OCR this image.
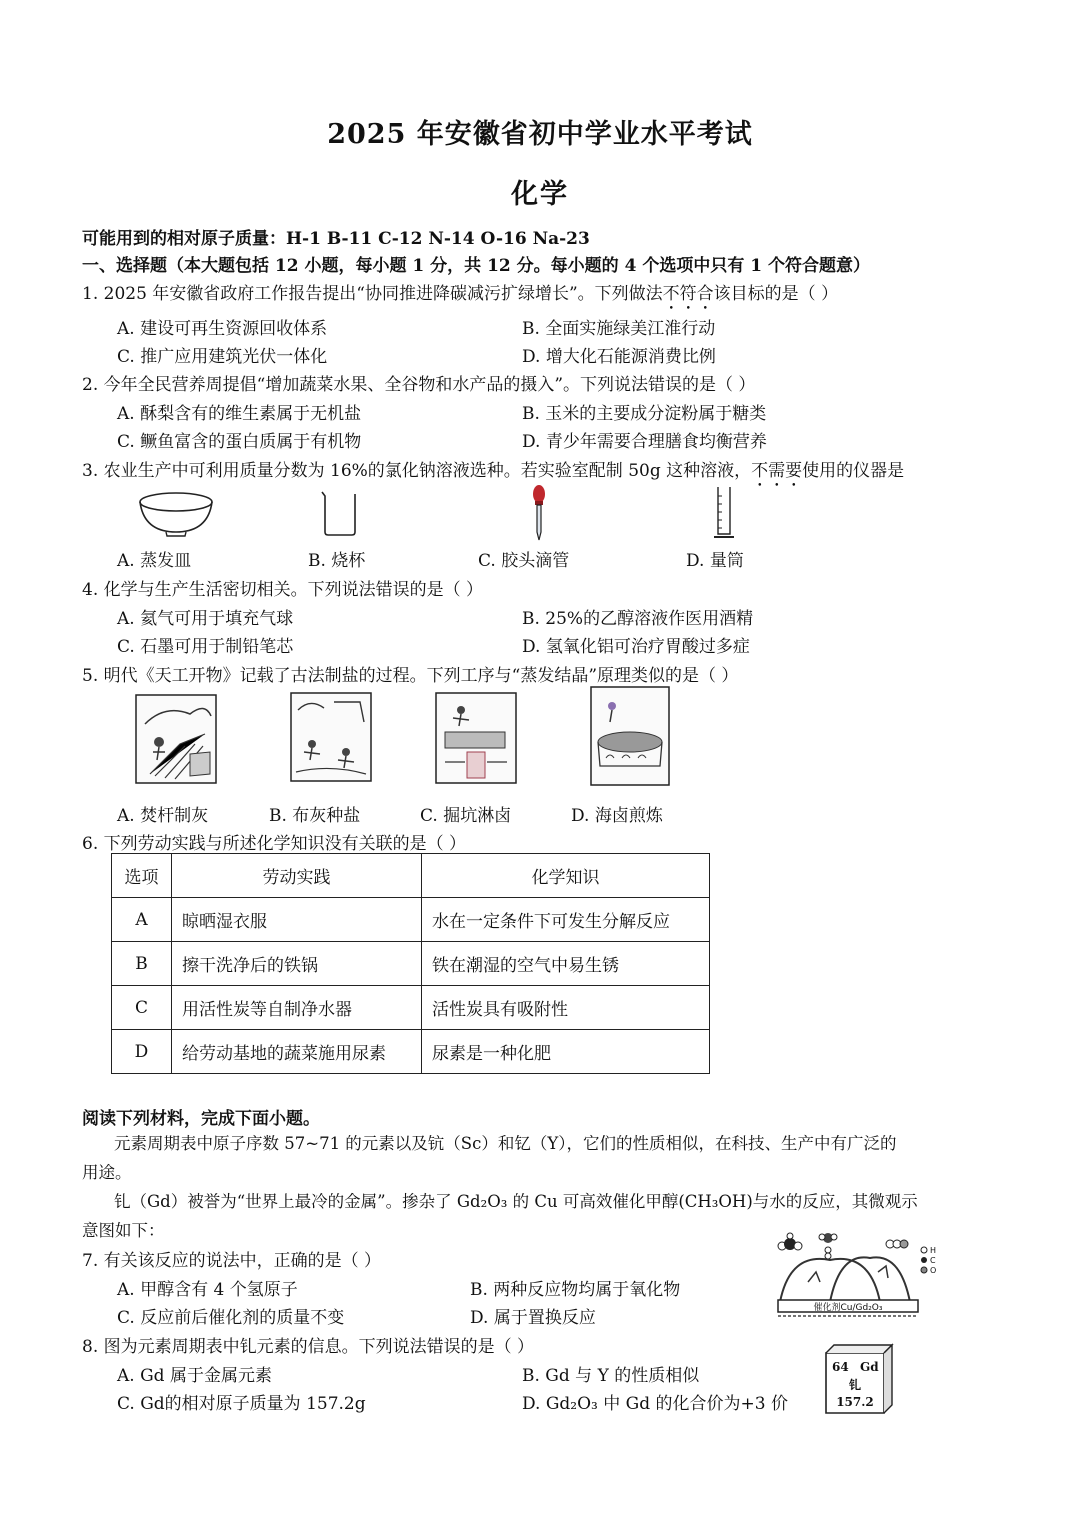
2025 年安徽省初中学业水平考试
化学
可能用到的相对原子质量：H-1 B-11 C-12 N-14 O-16 Na-23
一、选择题（本大题包括 12 小题，每小题 1 分，共 12 分。每小题的 4 个选项中只有 1 个符合题意）
1. 2025 年安徽省政府工作报告提出“协同推进降碳减污扩绿增长”。下列做法不符合该目标的是（ ）
A. 建设可再生资源回收体系	B. 全面实施绿美江淮行动
C. 推广应用建筑光伏一体化	D. 增大化石能源消费比例
2. 今年全民营养周提倡“增加蔬菜水果、全谷物和水产品的摄入”。下列说法错误的是（ ）
A. 酥梨含有的维生素属于无机盐	B. 玉米的主要成分淀粉属于糖类
C. 鳜鱼富含的蛋白质属于有机物	D. 青少年需要合理膳食均衡营养
3. 农业生产中可利用质量分数为 16%的氯化钠溶液选种。若实验室配制 50g 这种溶液，不需要使用的仪器是
A. 蒸发皿	B. 烧杯	C. 胶头滴管	D. 量筒
4. 化学与生产生活密切相关。下列说法错误的是（ ）
A. 氦气可用于填充气球	B. 25%的乙醇溶液作医用酒精
C. 石墨可用于制铅笔芯	D. 氢氧化铝可治疗胃酸过多症
5. 明代《天工开物》记载了古法制盐的过程。下列工序与“蒸发结晶”原理类似的是（ ）
A. 焚杆制灰	B. 布灰种盐	C. 掘坑淋卤	D. 海卤煎炼
6. 下列劳动实践与所述化学知识没有关联的是（ ）
选项	劳动实践	化学知识
A	晾晒湿衣服	水在一定条件下可发生分解反应
B	擦干洗净后的铁锅	铁在潮湿的空气中易生锈
C	用活性炭等自制净水器	活性炭具有吸附性
D	给劳动基地的蔬菜施用尿素	尿素是一种化肥
阅读下列材料，完成下面小题。
元素周期表中原子序数 57~71 的元素以及钪（Sc）和钇（Y），它们的性质相似，在科技、生产中有广泛的
用途。
钆（Gd）被誉为“世界上最冷的金属”。掺杂了 Gd₂O₃ 的 Cu 可高效催化甲醇(CH₃OH)与水的反应，其微观示
意图如下：
7. 有关该反应的说法中，正确的是（ ）
A. 甲醇含有 4 个氢原子	B. 两种反应物均属于氧化物
C. 反应前后催化剂的质量不变	D. 属于置换反应	催化剂Cu/Gd₂O₃
H
C
O
8. 图为元素周期表中钆元素的信息。下列说法错误的是（ ）
A. Gd 属于金属元素	B. Gd 与 Y 的性质相似
C. Gd的相对原子质量为 157.2g	D. Gd₂O₃ 中 Gd 的化合价为+3 价
64 Gd
钆
157.2
